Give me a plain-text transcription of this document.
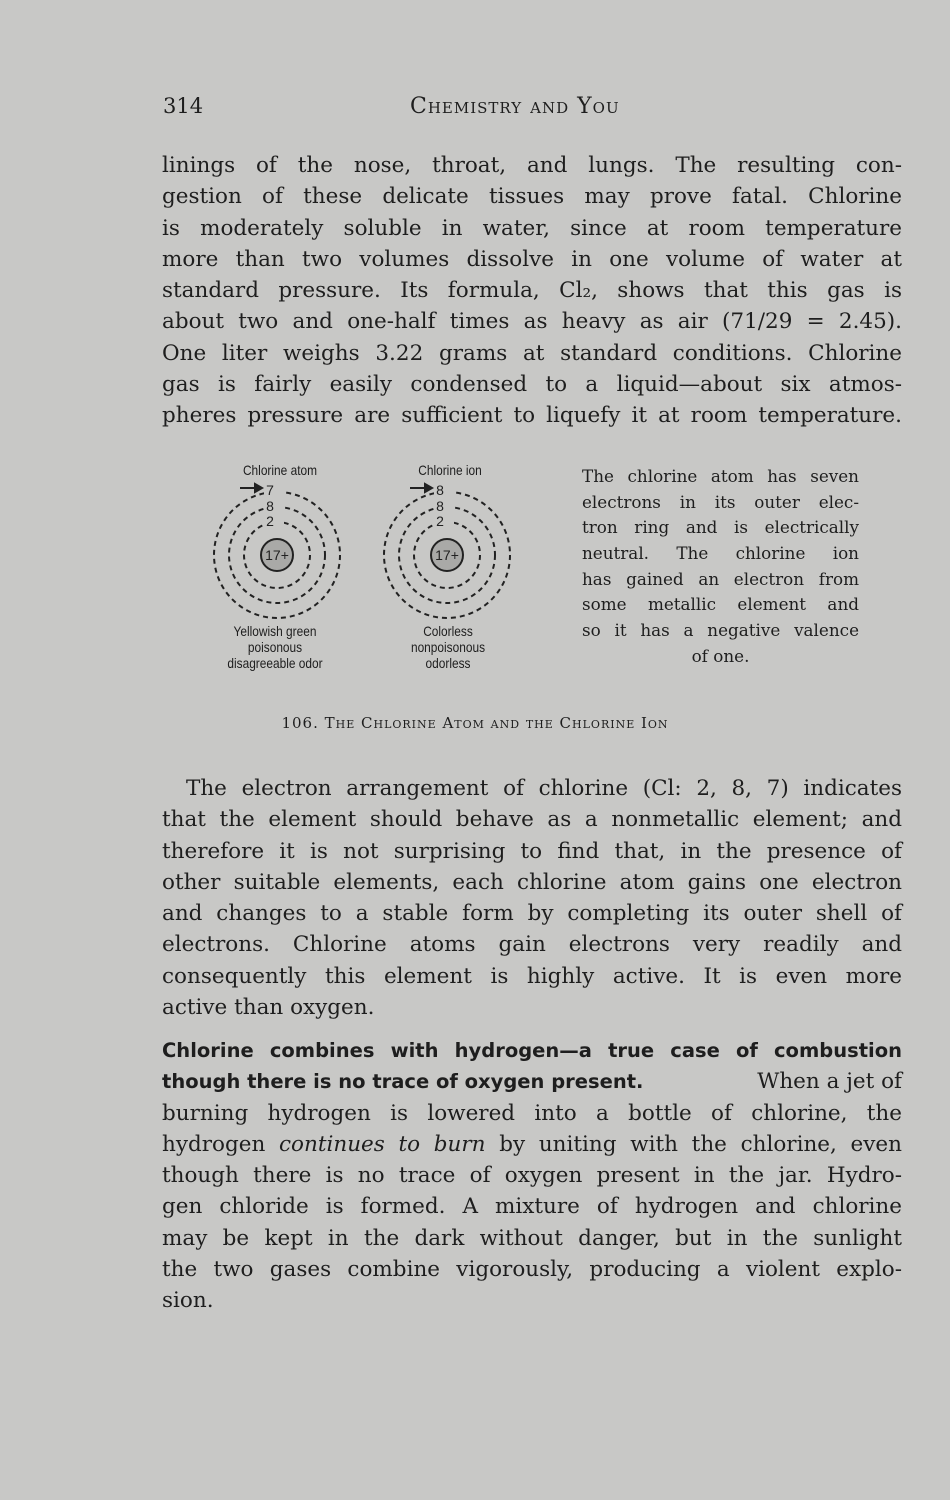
314	Chemistry and You
linings of the nose, throat, and lungs. The resulting con-
gestion of these delicate tissues may prove fatal. Chlorine
is moderately soluble in water, since at room temperature
more than two volumes dissolve in one volume of water at
standard pressure. Its formula, Cl₂, shows that this gas is
about two and one-half times as heavy as air (71/29 = 2.45).
One liter weighs 3.22 grams at standard conditions. Chlorine
gas is fairly easily condensed to a liquid—about six atmos-
pheres pressure are sufficient to liquefy it at room temperature.
7
8
2
17+
8
8
2
17+
Chlorine atom	Chlorine ion
Yellowish green
poisonous
disagreeable odor
Colorless
nonpoisonous
odorless
The chlorine atom has seven
electrons in its outer elec-
tron ring and is electrically
neutral. The chlorine ion
has gained an electron from
some metallic element and
so it has a negative valence
of one.
106. The Chlorine Atom and the Chlorine Ion
The electron arrangement of chlorine (Cl: 2, 8, 7) indicates
that the element should behave as a nonmetallic element; and
therefore it is not surprising to find that, in the presence of
other suitable elements, each chlorine atom gains one electron
and changes to a stable form by completing its outer shell of
electrons. Chlorine atoms gain electrons very readily and
consequently this element is highly active. It is even more
active than oxygen.
Chlorine combines with hydrogen—a true case of combustion
though there is no trace of oxygen present.	When a jet of
burning hydrogen is lowered into a bottle of chlorine, the
hydrogen continues to burn by uniting with the chlorine, even
though there is no trace of oxygen present in the jar. Hydro-
gen chloride is formed. A mixture of hydrogen and chlorine
may be kept in the dark without danger, but in the sunlight
the two gases combine vigorously, producing a violent explo-
sion.
